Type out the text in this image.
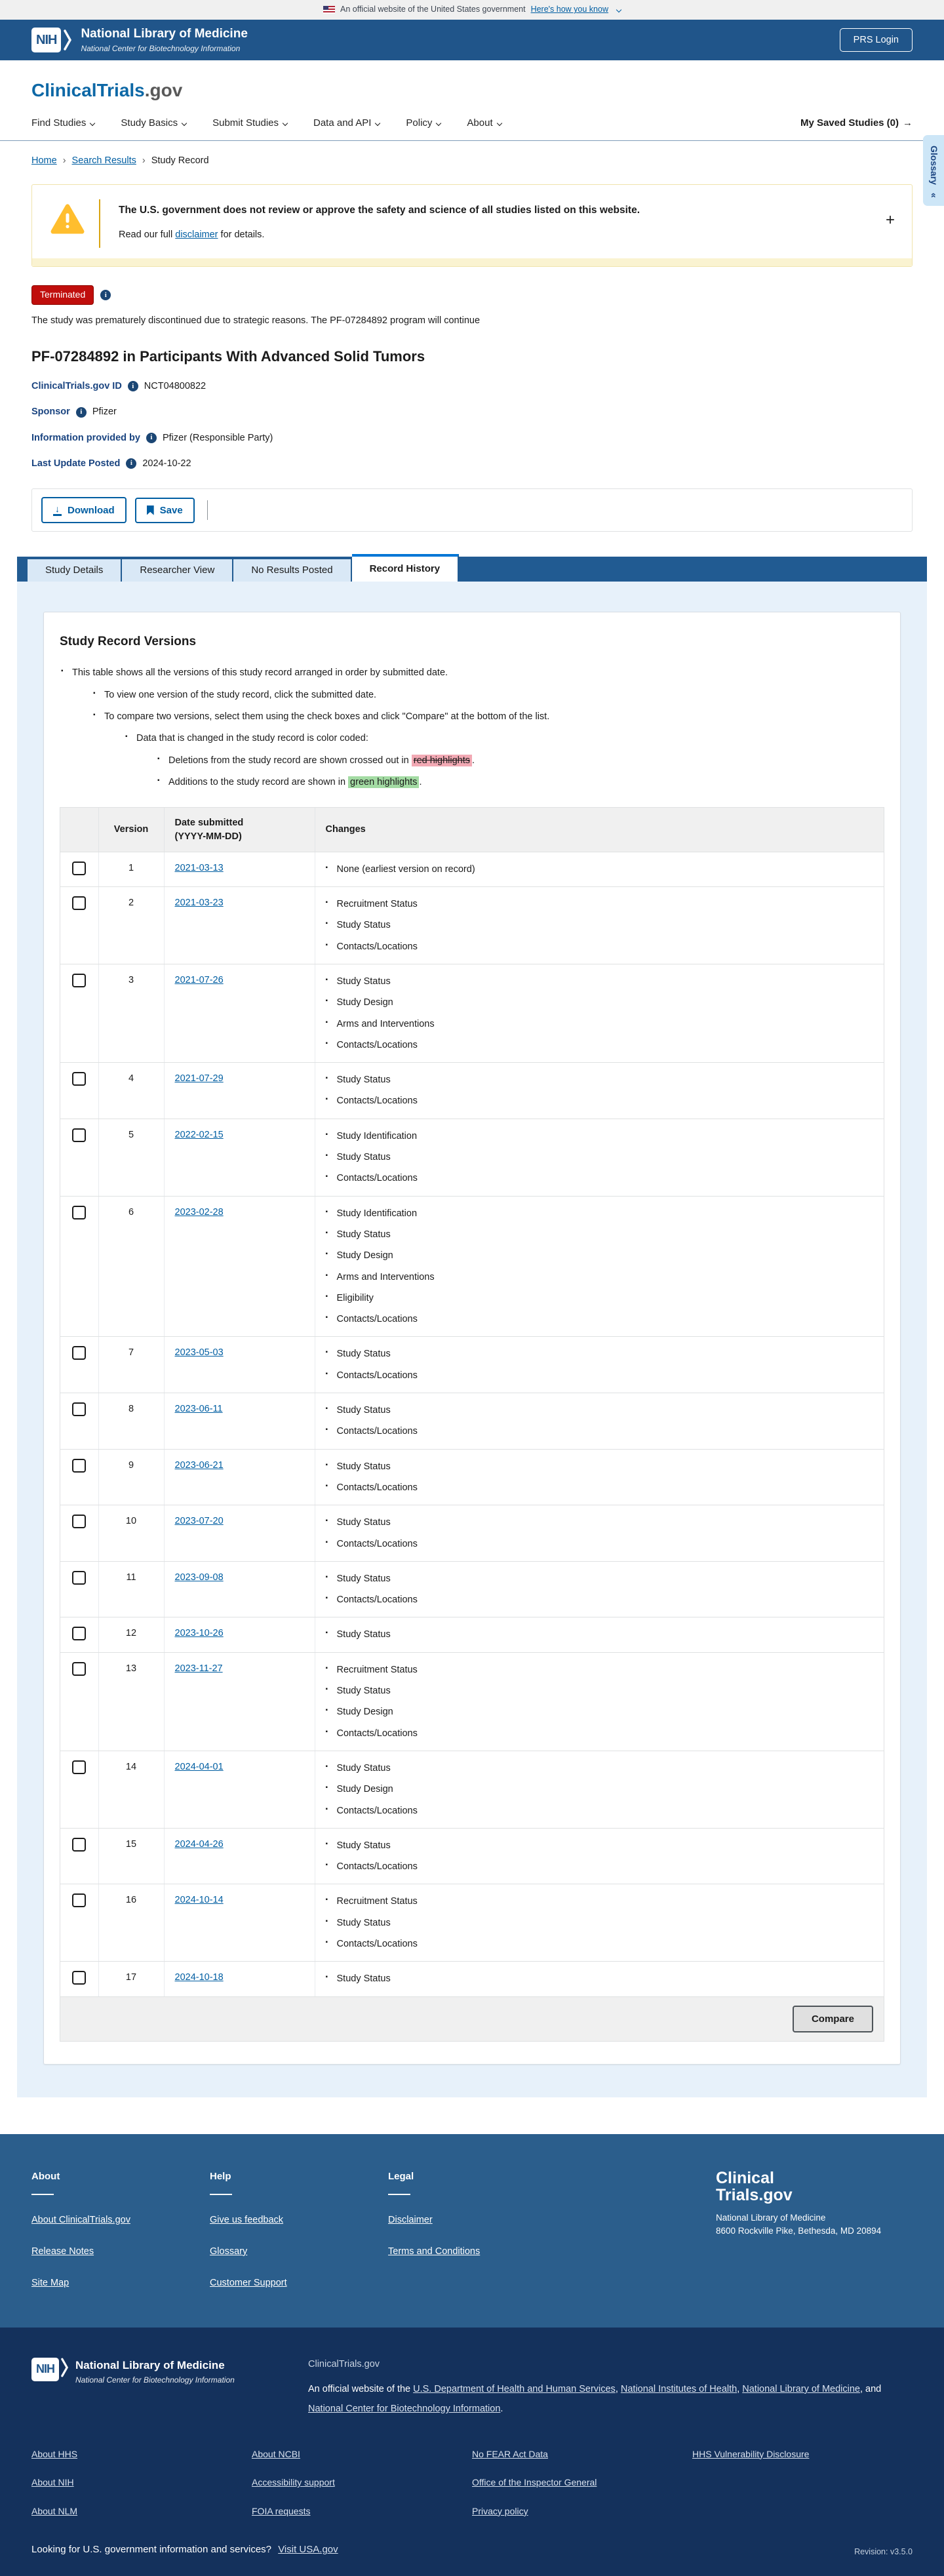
An official website of the United States government Here's how you know
NIH	National Library of Medicine
National Center for Biotechnology Information
PRS Login
ClinicalTrials.gov
Find Studies	Study Basics	Submit Studies	Data and API	Policy	About	My Saved Studies (0) →
Home › Search Results › Study Record	Glossary
«
The U.S. government does not review or approve the safety and science of all studies listed on this website.
Read our full disclaimer for details.
+
Terminated	i
The study was prematurely discontinued due to strategic reasons. The PF-07284892 program will continue
PF-07284892 in Participants With Advanced Solid Tumors
ClinicalTrials.gov ID	i	NCT04800822
Sponsor	i	Pfizer
Information provided by	i	Pfizer (Responsible Party)
Last Update Posted	i	2024-10-22
↓ Download	Save
Study Details	Researcher View	No Results Posted	Record History
Study Record Versions
▪ This table shows all the versions of this study record arranged in order by submitted date.
▪ To view one version of the study record, click the submitted date.
▪ To compare two versions, select them using the check boxes and click "Compare" at the bottom of the list.
▪ Data that is changed in the study record is color coded:
▪ Deletions from the study record are shown crossed out in red highlights .
▪ Additions to the study record are shown in green highlights .
	Version	Date submitted
(YYYY-MM-DD)	Changes

	1	2021-03-13	
▪None (earliest version on record)

	2	2021-03-23	
▪Recruitment Status
▪ Study Status
▪ Contacts/Locations

	3	2021-07-26	
▪Study Status
▪ Study Design
▪ Arms and Interventions
▪ Contacts/Locations

	4	2021-07-29	
▪Study Status
▪ Contacts/Locations

	5	2022-02-15	
▪Study Identification
▪ Study Status
▪ Contacts/Locations

	6	2023-02-28	
▪Study Identification
▪ Study Status
▪ Study Design
▪ Arms and Interventions
▪ Eligibility
▪ Contacts/Locations

	7	2023-05-03	
▪Study Status
▪ Contacts/Locations

	8	2023-06-11	
▪Study Status
▪ Contacts/Locations

	9	2023-06-21	
▪Study Status
▪ Contacts/Locations

	10	2023-07-20	
▪Study Status
▪ Contacts/Locations

	11	2023-09-08	
▪Study Status
▪ Contacts/Locations

	12	2023-10-26	
▪Study Status

	13	2023-11-27	
▪Recruitment Status
▪ Study Status
▪ Study Design
▪ Contacts/Locations

	14	2024-04-01	
▪Study Status
▪ Study Design
▪ Contacts/Locations

	15	2024-04-26	
▪Study Status
▪ Contacts/Locations

	16	2024-10-14	
▪Recruitment Status
▪ Study Status
▪ Contacts/Locations

	17	2024-10-18	
▪Study Status
Compare
About
About ClinicalTrials.gov
Release Notes
Site Map
Help
Give us feedback
Glossary
Customer Support
Legal
Disclaimer
Terms and Conditions
Clinical
Trials.gov
National Library of Medicine
8600 Rockville Pike, Bethesda, MD 20894
NIH	National Library of Medicine
National Center for Biotechnology Information
ClinicalTrials.gov

An official website of the U.S. Department of Health and Human Services, National Institutes of Health, National Library of Medicine, and National Center for Biotechnology Information.

About HHS
About NIH
About NLM
About NCBI
Accessibility support
FOIA requests
No FEAR Act Data
Office of the Inspector General
Privacy policy
HHS Vulnerability Disclosure
Looking for U.S. government information and services? Visit USA.gov	Revision: v3.5.0
